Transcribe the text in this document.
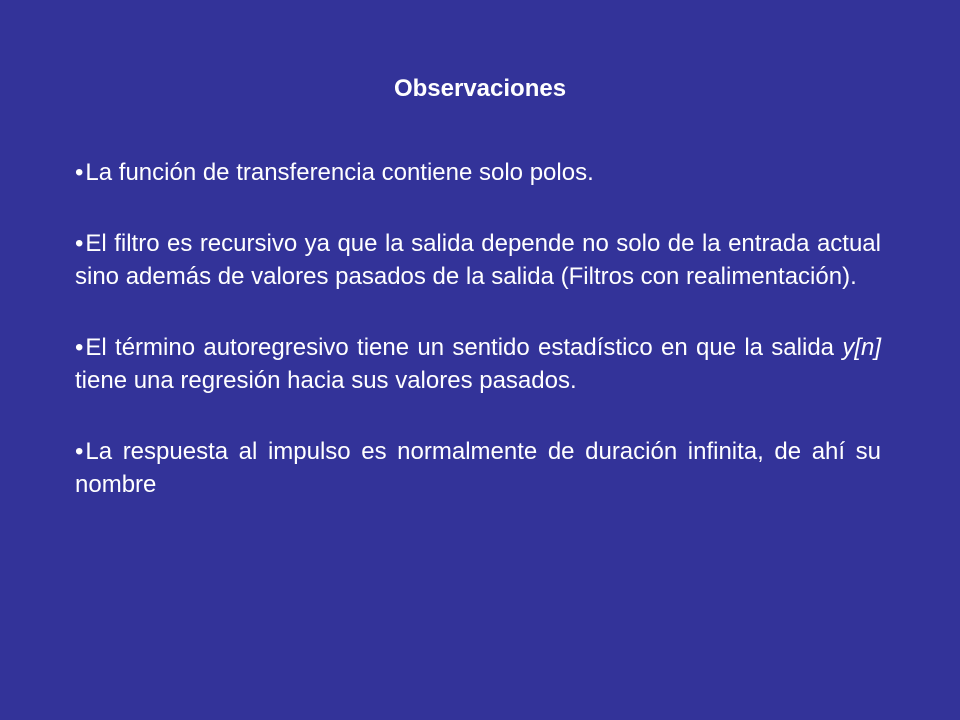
Observaciones

•La función de transferencia contiene solo polos.

•El filtro es recursivo ya que la salida depende no solo de la entrada actual sino además de valores pasados de la salida (Filtros con realimentación).

•El término autoregresivo tiene un sentido estadístico en que la salida y[n] tiene una regresión hacia sus valores pasados.

•La respuesta al impulso es normalmente de duración infinita, de ahí su nombre
